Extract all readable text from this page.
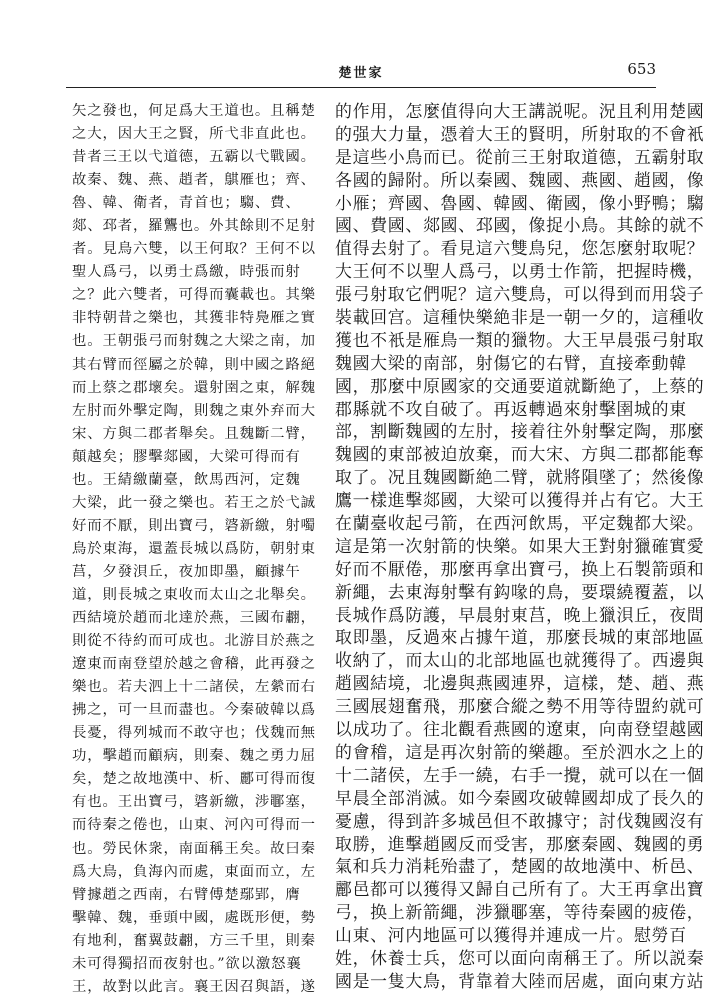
楚世家	653

矢之發也，何足爲大王道也。且稱楚

之大，因大王之賢，所弋非直此也。

昔者三王以弋道德，五霸以弋戰國。

故秦、魏、燕、趙者，鶀雁也；齊、

魯、韓、衛者，青首也；騶、費、

郯、邳者，羅鸗也。外其餘則不足射

者。見鳥六雙，以王何取？王何不以

聖人爲弓，以勇士爲繳，時張而射

之？此六雙者，可得而囊載也。其樂

非特朝昔之樂也，其獲非特鳧雁之實

也。王朝張弓而射魏之大梁之南，加

其右臂而徑屬之於韓，則中國之路絕

而上蔡之郡壞矣。還射圉之東，解魏

左肘而外擊定陶，則魏之東外弃而大

宋、方與二郡者舉矣。且魏斷二臂，

顛越矣；膠擊郯國，大梁可得而有

也。王綪繳蘭臺，飲馬西河，定魏

大梁，此一發之樂也。若王之於弋誠

好而不厭，則出寶弓，碆新繳，射噣

鳥於東海，還蓋長城以爲防，朝射東

莒，夕發浿丘，夜加即墨，顧據午

道，則長城之東收而太山之北舉矣。

西結境於趙而北達於燕，三國布䎘，

則從不待約而可成也。北游目於燕之

遼東而南登望於越之會稽，此再發之

樂也。若夫泗上十二諸侯，左縈而右

拂之，可一旦而盡也。今秦破韓以爲

長憂，得列城而不敢守也；伐魏而無

功，擊趙而顧病，則秦、魏之勇力屈

矣，楚之故地漢中、析、酈可得而復

有也。王出寶弓，碆新繳，涉鄳塞，

而待秦之倦也，山東、河內可得而一

也。勞民休衆，南面稱王矣。故曰秦

爲大鳥，負海內而處，東面而立，左

臂據趙之西南，右臂傅楚鄢郢，膺

擊韓、魏，垂頭中國，處既形便，勢

有地利，奮翼鼓䎘，方三千里，則秦

未可得獨招而夜射也。”欲以激怒襄

王，故對以此言。襄王因召與語，遂

的作用，怎麼值得向大王講説呢。況且利用楚國

的强大力量，憑着大王的賢明，所射取的不會衹

是這些小鳥而已。從前三王射取道德，五霸射取

各國的歸附。所以秦國、魏國、燕國、趙國，像

小雁；齊國、魯國、韓國、衛國，像小野鴨；騶

國、費國、郯國、邳國，像捉小鳥。其餘的就不

值得去射了。看見這六雙鳥兒，您怎麼射取呢？

大王何不以聖人爲弓，以勇士作箭，把握時機，

張弓射取它們呢？這六雙鳥，可以得到而用袋子

裝載回宫。這種快樂絶非是一朝一夕的，這種收

獲也不衹是雁鳥一類的獵物。大王早晨張弓射取

魏國大梁的南部，射傷它的右臂，直接牽動韓

國，那麼中原國家的交通要道就斷絶了，上蔡的

郡縣就不攻自破了。再返轉過來射擊圉城的東

部，割斷魏國的左肘，接着往外射擊定陶，那麼

魏國的東部被迫放棄，而大宋、方與二郡都能奪

取了。况且魏國斷絶二臂，就將隕墜了；然後像

鷹一樣進擊郯國，大梁可以獲得并占有它。大王

在蘭臺收起弓箭，在西河飲馬，平定魏都大梁。

這是第一次射箭的快樂。如果大王對射獵確實愛

好而不厭倦，那麼再拿出寶弓，换上石製箭頭和

新繩，去東海射擊有鈎喙的鳥，要環繞覆蓋，以

長城作爲防護，早晨射東莒，晚上獵浿丘，夜間

取即墨，反過來占據午道，那麼長城的東部地區

收納了，而太山的北部地區也就獲得了。西邊與

趙國結境，北邊與燕國連界，這樣，楚、趙、燕

三國展翅奮飛，那麼合縱之勢不用等待盟約就可

以成功了。往北觀看燕國的遼東，向南登望越國

的會稽，這是再次射箭的樂趣。至於泗水之上的

十二諸侯，左手一繞，右手一攪，就可以在一個

早晨全部消滅。如今秦國攻破韓國却成了長久的

憂慮，得到許多城邑但不敢據守；討伐魏國沒有

取勝，進擊趙國反而受害，那麼秦國、魏國的勇

氣和兵力消耗殆盡了，楚國的故地漢中、析邑、

酈邑都可以獲得又歸自己所有了。大王再拿出寶

弓，换上新箭繩，涉獵鄳塞，等待秦國的疲倦，

山東、河内地區可以獲得并連成一片。慰勞百

姓，休養士兵，您可以面向南稱王了。所以説秦

國是一隻大鳥，背靠着大陸而居處，面向東方站
